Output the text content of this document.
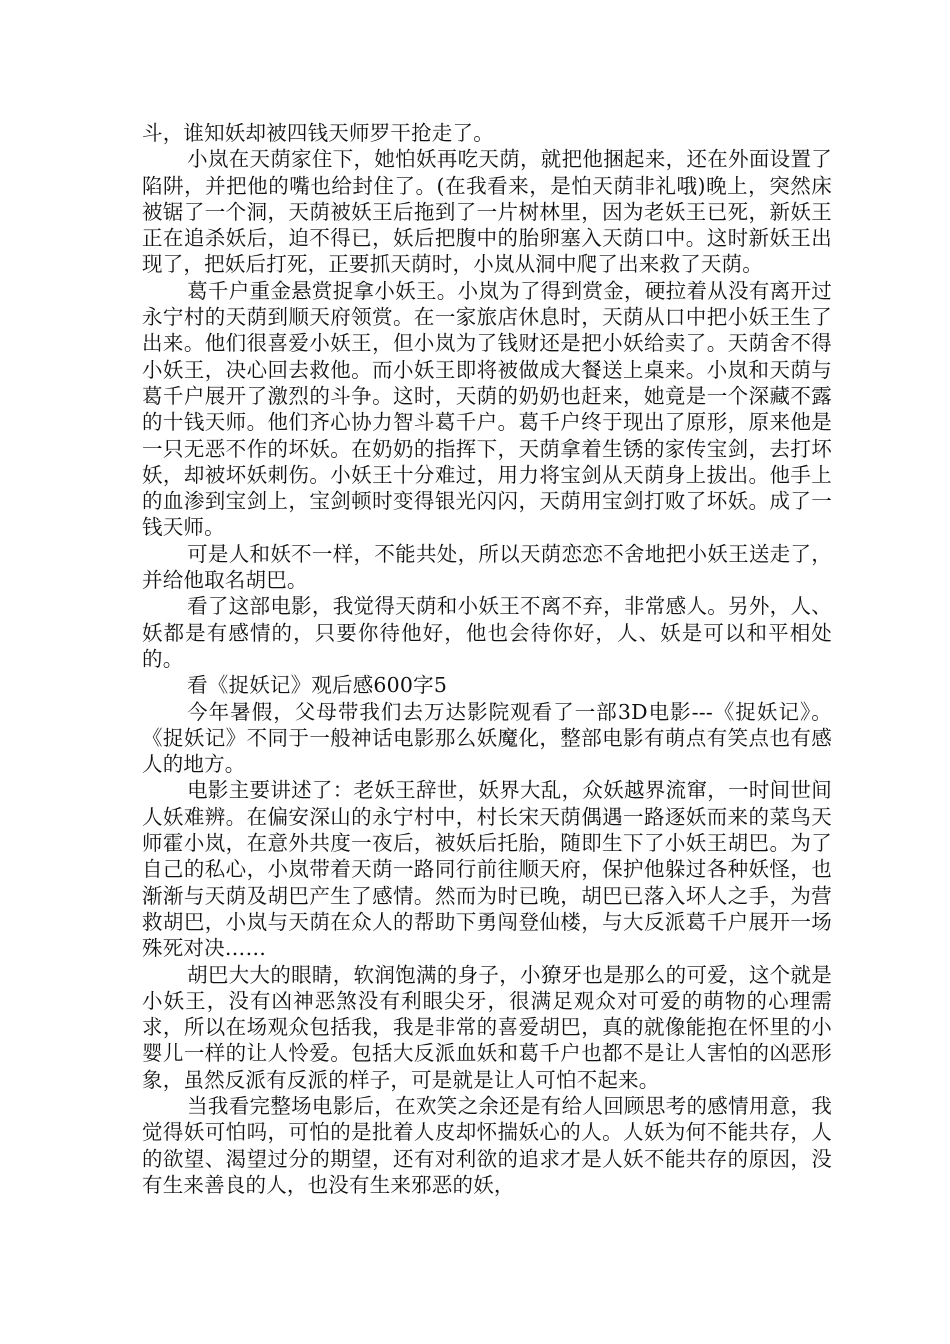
斗，谁知妖却被四钱天师罗干抢走了。

小岚在天荫家住下，她怕妖再吃天荫，就把他捆起来，还在外面设置了陷阱，并把他的嘴也给封住了。(在我看来，是怕天荫非礼哦)晚上，突然床被锯了一个洞，天荫被妖王后拖到了一片树林里，因为老妖王已死，新妖王正在追杀妖后，迫不得已，妖后把腹中的胎卵塞入天荫口中。这时新妖王出现了，把妖后打死，正要抓天荫时，小岚从洞中爬了出来救了天荫。

葛千户重金悬赏捉拿小妖王。小岚为了得到赏金，硬拉着从没有离开过永宁村的天荫到顺天府领赏。在一家旅店休息时，天荫从口中把小妖王生了出来。他们很喜爱小妖王，但小岚为了钱财还是把小妖给卖了。天荫舍不得小妖王，决心回去救他。而小妖王即将被做成大餐送上桌来。小岚和天荫与葛千户展开了激烈的斗争。这时，天荫的奶奶也赶来，她竟是一个深藏不露的十钱天师。他们齐心协力智斗葛千户。葛千户终于现出了原形，原来他是一只无恶不作的坏妖。在奶奶的指挥下，天荫拿着生锈的家传宝剑，去打坏妖，却被坏妖刺伤。小妖王十分难过，用力将宝剑从天荫身上拔出。他手上的血渗到宝剑上，宝剑顿时变得银光闪闪，天荫用宝剑打败了坏妖。成了一钱天师。

可是人和妖不一样，不能共处，所以天荫恋恋不舍地把小妖王送走了，并给他取名胡巴。

看了这部电影，我觉得天荫和小妖王不离不弃，非常感人。另外，人、妖都是有感情的，只要你待他好，他也会待你好，人、妖是可以和平相处的。

看《捉妖记》观后感600字5

今年暑假，父母带我们去万达影院观看了一部3D电影---《捉妖记》。《捉妖记》不同于一般神话电影那么妖魔化，整部电影有萌点有笑点也有感人的地方。

电影主要讲述了：老妖王辞世，妖界大乱，众妖越界流窜，一时间世间人妖难辨。在偏安深山的永宁村中，村长宋天荫偶遇一路逐妖而来的菜鸟天师霍小岚，在意外共度一夜后，被妖后托胎，随即生下了小妖王胡巴。为了自己的私心，小岚带着天荫一路同行前往顺天府，保护他躲过各种妖怪，也渐渐与天荫及胡巴产生了感情。然而为时已晚，胡巴已落入坏人之手，为营救胡巴，小岚与天荫在众人的帮助下勇闯登仙楼，与大反派葛千户展开一场殊死对决……

胡巴大大的眼睛，软润饱满的身子，小獠牙也是那么的可爱，这个就是小妖王，没有凶神恶煞没有利眼尖牙，很满足观众对可爱的萌物的心理需求，所以在场观众包括我，我是非常的喜爱胡巴，真的就像能抱在怀里的小婴儿一样的让人怜爱。包括大反派血妖和葛千户也都不是让人害怕的凶恶形象，虽然反派有反派的样子，可是就是让人可怕不起来。

当我看完整场电影后，在欢笑之余还是有给人回顾思考的感情用意，我觉得妖可怕吗，可怕的是批着人皮却怀揣妖心的人。人妖为何不能共存，人的欲望、渴望过分的期望，还有对利欲的追求才是人妖不能共存的原因，没有生来善良的人，也没有生来邪恶的妖，
